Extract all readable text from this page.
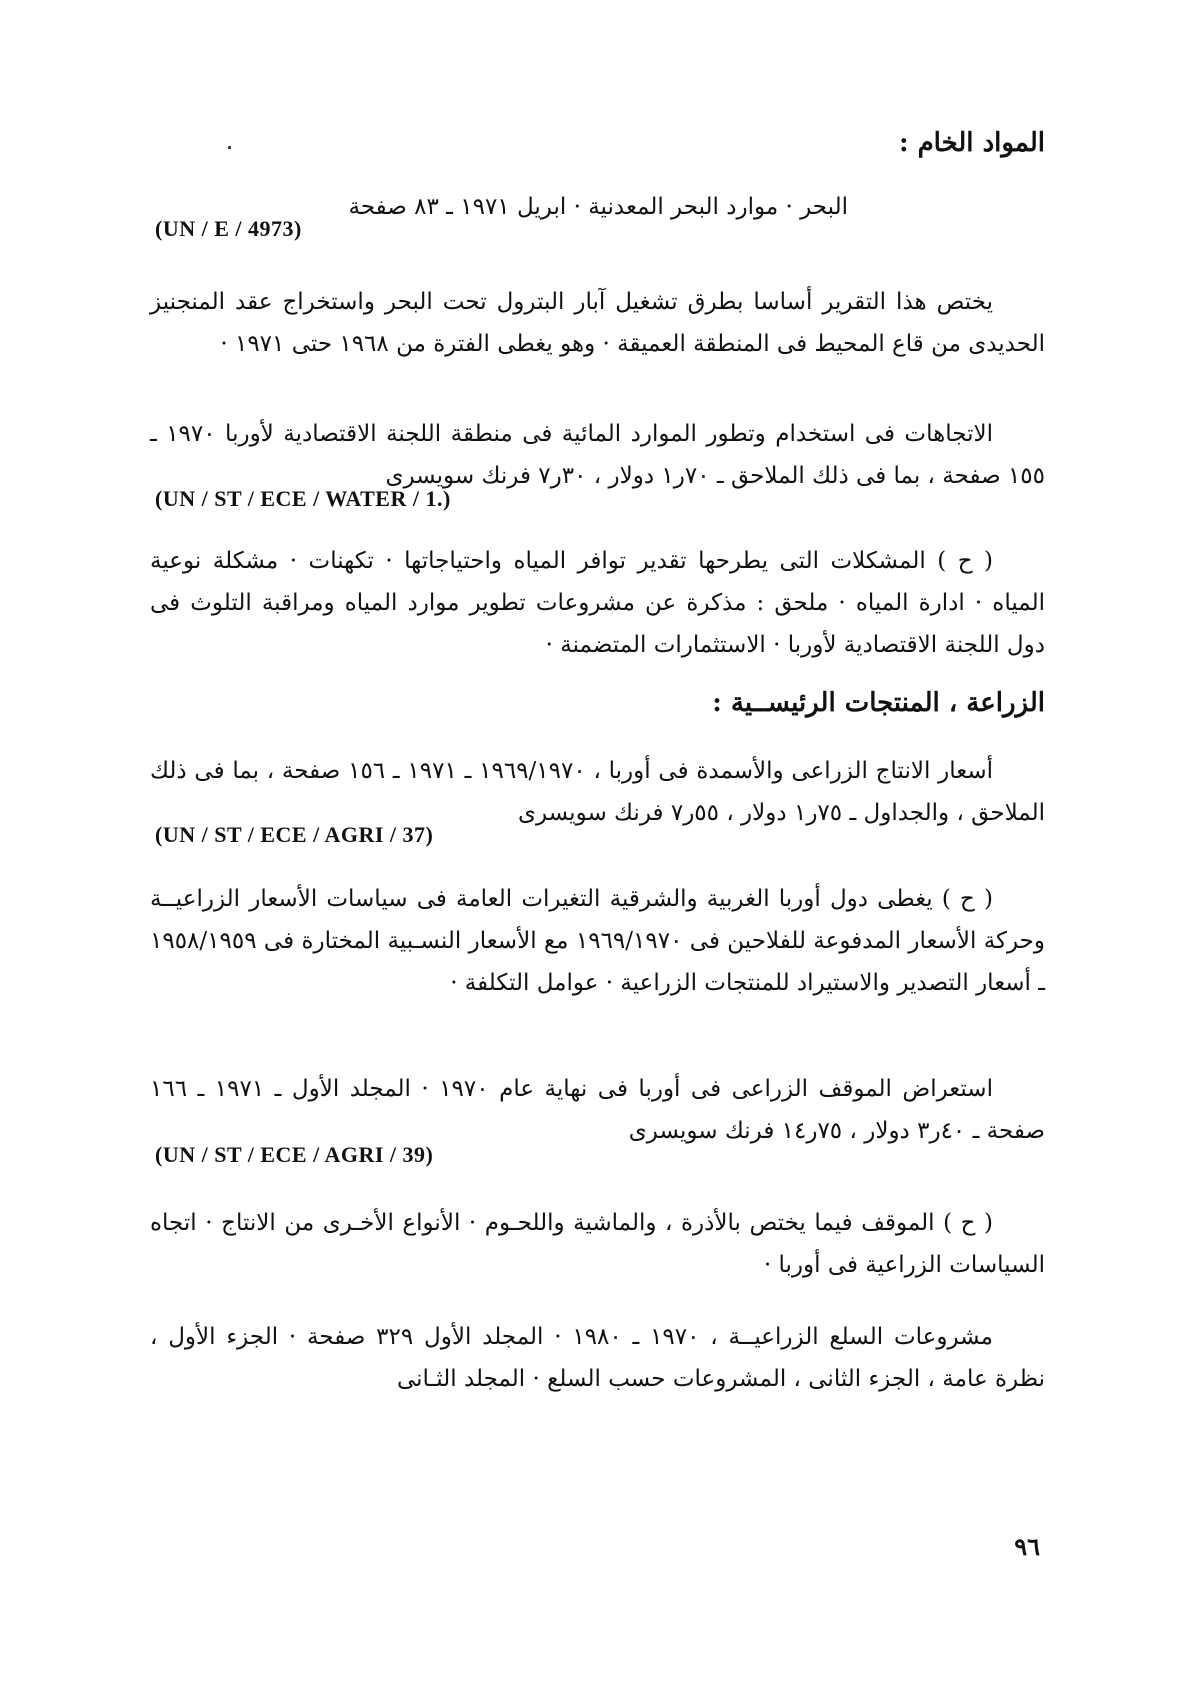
المواد الخام :
البحر · موارد البحر المعدنية · ابريل ١٩٧١ ـ ٨٣ صفحة
(UN / E / 4973)
يختص هذا التقرير أساسا بطرق تشغيل آبار البترول تحت البحر واستخراج عقد المنجنيز الحديدى من قاع المحيط فى المنطقة العميقة · وهو يغطى الفترة من ١٩٦٨ حتى ١٩٧١ ·
الاتجاهات فى استخدام وتطور الموارد المائية فى منطقة اللجنة الاقتصادية لأوربا ١٩٧٠ ـ ١٥٥ صفحة ، بما فى ذلك الملاحق ـ ٧٠ر١ دولار ، ٣٠ر٧ فرنك سويسرى
(UN / ST / ECE / WATER / 1.)
( ح ) المشكلات التى يطرحها تقدير توافر المياه واحتياجاتها · تكهنات · مشكلة نوعية المياه · ادارة المياه · ملحق : مذكرة عن مشروعات تطوير موارد المياه ومراقبة التلوث فى دول اللجنة الاقتصادية لأوربا · الاستثمارات المتضمنة ·
الزراعة ، المنتجات الرئيســية :
أسعار الانتاج الزراعى والأسمدة فى أوربا ، ١٩٦٩/١٩٧٠ ـ ١٩٧١ ـ ١٥٦ صفحة ، بما فى ذلك الملاحق ، والجداول ـ ٧٥ر١ دولار ، ٥٥ر٧ فرنك سويسرى
(UN / ST / ECE / AGRI / 37)
( ح ) يغطى دول أوربا الغربية والشرقية التغيرات العامة فى سياسات الأسعار الزراعيــة وحركة الأسعار المدفوعة للفلاحين فى ١٩٦٩/١٩٧٠ مع الأسعار النسـبية المختارة فى ١٩٥٨/١٩٥٩ ـ أسعار التصدير والاستيراد للمنتجات الزراعية · عوامل التكلفة ·
استعراض الموقف الزراعى فى أوربا فى نهاية عام ١٩٧٠ · المجلد الأول ـ ١٩٧١ ـ ١٦٦ صفحة ـ ٤٠ر٣ دولار ، ٧٥ر١٤ فرنك سويسرى
(UN / ST / ECE / AGRI / 39)
( ح ) الموقف فيما يختص بالأذرة ، والماشية واللحـوم · الأنواع الأخـرى من الانتاج · اتجاه السياسات الزراعية فى أوربا ·
مشروعات السلع الزراعيــة ، ١٩٧٠ ـ ١٩٨٠ · المجلد الأول ٣٢٩ صفحة · الجزء الأول ، نظرة عامة ، الجزء الثانى ، المشروعات حسب السلع · المجلد الثـانى
٩٦
